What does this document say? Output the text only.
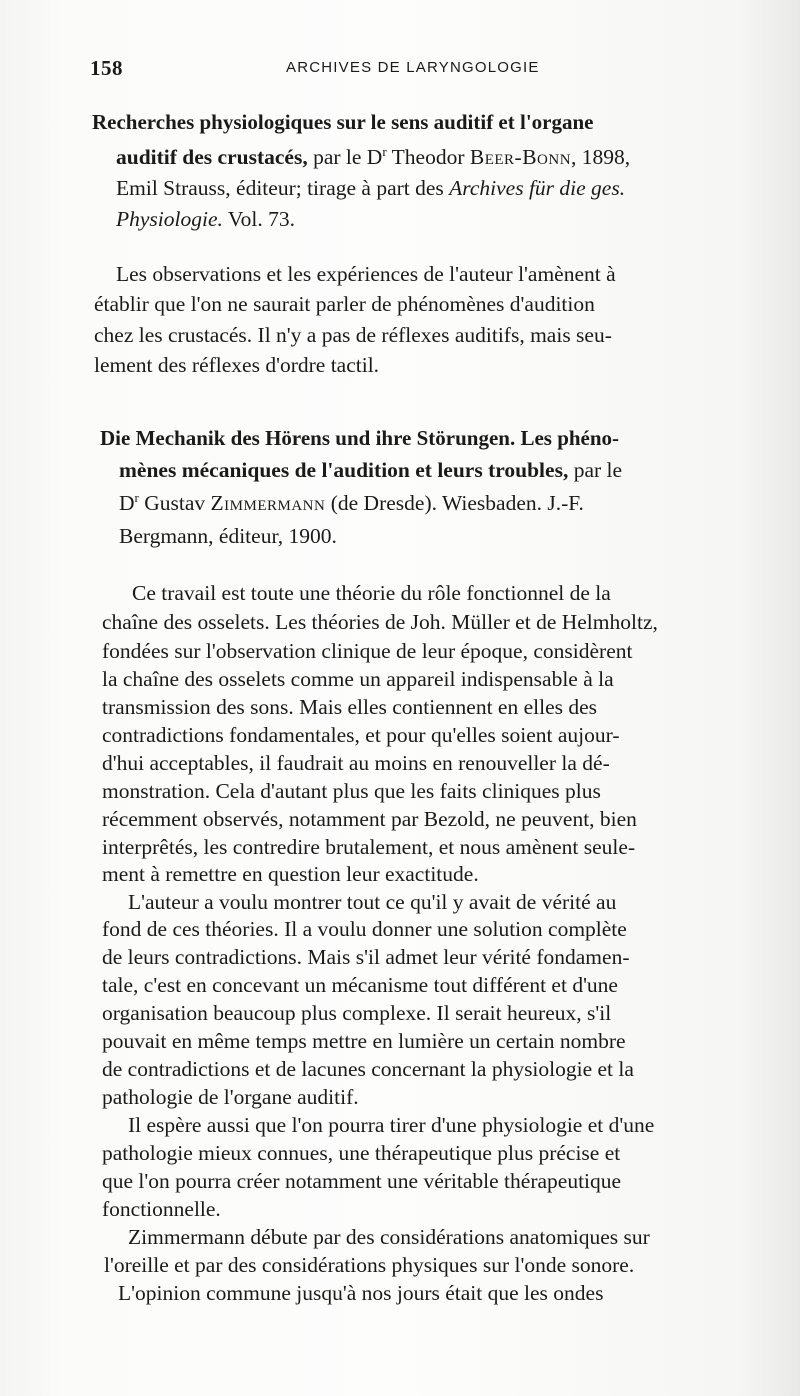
158	ARCHIVES DE LARYNGOLOGIE
Recherches physiologiques sur le sens auditif et l'organe
auditif des crustacés, par le $D^r$ Theodor Beer-Bonn, 1898,
Emil Strauss, éditeur; tirage à part des Archives für die ges.
Physiologie. Vol. 73.
Les observations et les expériences de l'auteur l'amènent à
établir que l'on ne saurait parler de phénomènes d'audition
chez les crustacés. Il n'y a pas de réflexes auditifs, mais seu-
lement des réflexes d'ordre tactil.
Die Mechanik des Hörens und ihre Störungen. Les phéno-
mènes mécaniques de l'audition et leurs troubles, par le
$D^r$ Gustav Zimmermann (de Dresde). Wiesbaden. J.-F.
Bergmann, éditeur, 1900.
Ce travail est toute une théorie du rôle fonctionnel de la
chaîne des osselets. Les théories de Joh. Müller et de Helmholtz,
fondées sur l'observation clinique de leur époque, considèrent
la chaîne des osselets comme un appareil indispensable à la
transmission des sons. Mais elles contiennent en elles des
contradictions fondamentales, et pour qu'elles soient aujour-
d'hui acceptables, il faudrait au moins en renouveller la dé-
monstration. Cela d'autant plus que les faits cliniques plus
récemment observés, notamment par Bezold, ne peuvent, bien
interprêtés, les contredire brutalement, et nous amènent seule-
ment à remettre en question leur exactitude.
L'auteur a voulu montrer tout ce qu'il y avait de vérité au
fond de ces théories. Il a voulu donner une solution complète
de leurs contradictions. Mais s'il admet leur vérité fondamen-
tale, c'est en concevant un mécanisme tout différent et d'une
organisation beaucoup plus complexe. Il serait heureux, s'il
pouvait en même temps mettre en lumière un certain nombre
de contradictions et de lacunes concernant la physiologie et la
pathologie de l'organe auditif.
Il espère aussi que l'on pourra tirer d'une physiologie et d'une
pathologie mieux connues, une thérapeutique plus précise et
que l'on pourra créer notamment une véritable thérapeutique
fonctionnelle.
Zimmermann débute par des considérations anatomiques sur
l'oreille et par des considérations physiques sur l'onde sonore.
L'opinion commune jusqu'à nos jours était que les ondes
